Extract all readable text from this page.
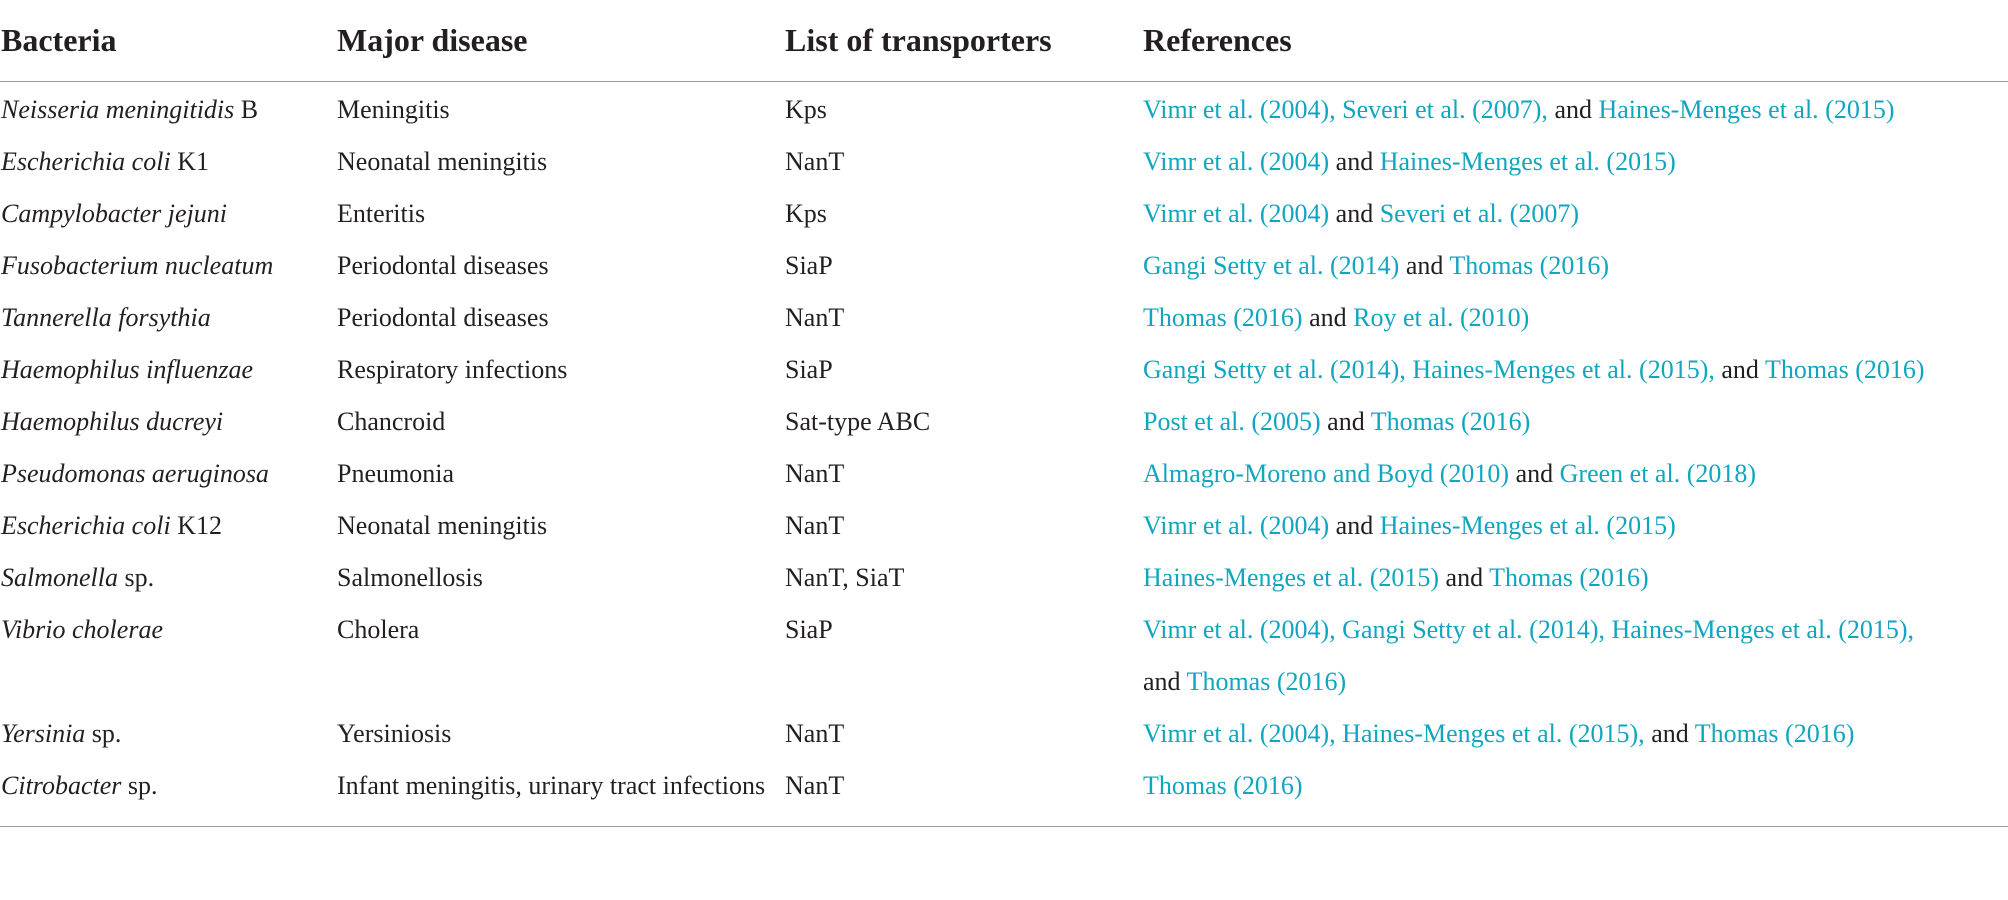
Bacteria	Major disease	List of transporters	References
Neisseria meningitidis B	Meningitis	Kps	Vimr et al. (2004), Severi et al. (2007), and Haines-Menges et al. (2015)
Escherichia coli K1	Neonatal meningitis	NanT	Vimr et al. (2004) and Haines-Menges et al. (2015)
Campylobacter jejuni	Enteritis	Kps	Vimr et al. (2004) and Severi et al. (2007)
Fusobacterium nucleatum	Periodontal diseases	SiaP	Gangi Setty et al. (2014) and Thomas (2016)
Tannerella forsythia	Periodontal diseases	NanT	Thomas (2016) and Roy et al. (2010)
Haemophilus influenzae	Respiratory infections	SiaP	Gangi Setty et al. (2014), Haines-Menges et al. (2015), and Thomas (2016)
Haemophilus ducreyi	Chancroid	Sat-type ABC	Post et al. (2005) and Thomas (2016)
Pseudomonas aeruginosa	Pneumonia	NanT	Almagro-Moreno and Boyd (2010) and Green et al. (2018)
Escherichia coli K12	Neonatal meningitis	NanT	Vimr et al. (2004) and Haines-Menges et al. (2015)
Salmonella sp.	Salmonellosis	NanT, SiaT	Haines-Menges et al. (2015) and Thomas (2016)
Vibrio cholerae	Cholera	SiaP	Vimr et al. (2004), Gangi Setty et al. (2014), Haines-Menges et al. (2015),
and Thomas (2016)
Yersinia sp.	Yersiniosis	NanT	Vimr et al. (2004), Haines-Menges et al. (2015), and Thomas (2016)
Citrobacter sp.	Infant meningitis, urinary tract infections	NanT	Thomas (2016)
